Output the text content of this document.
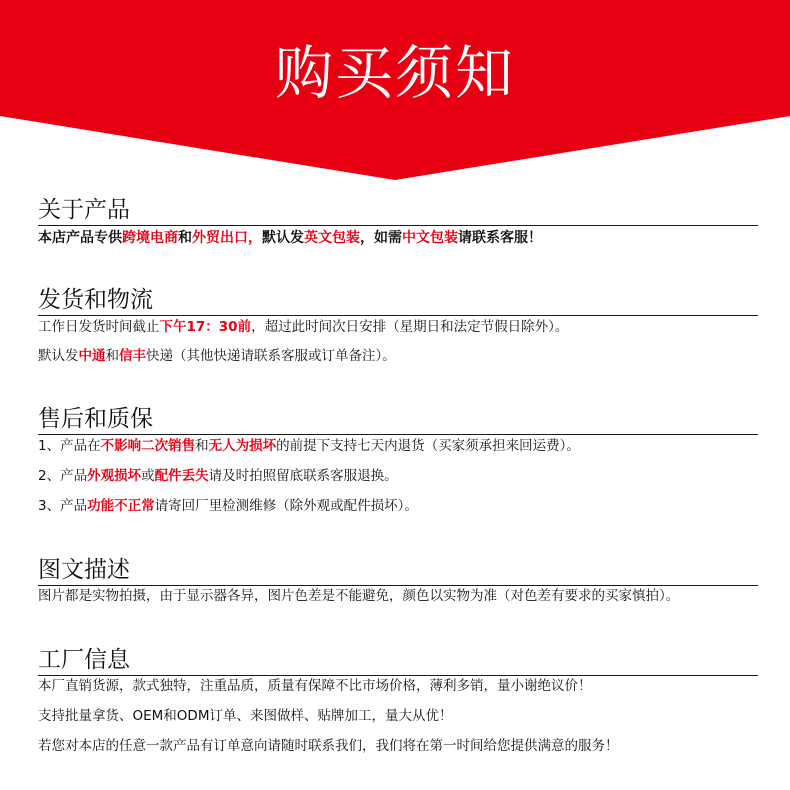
购买须知
关于产品
本店产品专供跨境电商和外贸出口，默认发英文包装，如需中文包装请联系客服！
发货和物流
工作日发货时间截止下午17：30前，超过此时间次日安排（星期日和法定节假日除外）。
默认发中通和信丰快递（其他快递请联系客服或订单备注）。
售后和质保
1、产品在不影响二次销售和无人为损坏的前提下支持七天内退货（买家须承担来回运费）。
2、产品外观损坏或配件丢失请及时拍照留底联系客服退换。
3、产品功能不正常请寄回厂里检测维修（除外观或配件损坏）。
图文描述
图片都是实物拍摄，由于显示器各异，图片色差是不能避免，颜色以实物为准（对色差有要求的买家慎拍）。
工厂信息
本厂直销货源，款式独特，注重品质，质量有保障不比市场价格，薄利多销，量小谢绝议价！
支持批量拿货、OEM和ODM订单、来图做样、贴牌加工，量大从优！
若您对本店的任意一款产品有订单意向请随时联系我们，我们将在第一时间给您提供满意的服务！
